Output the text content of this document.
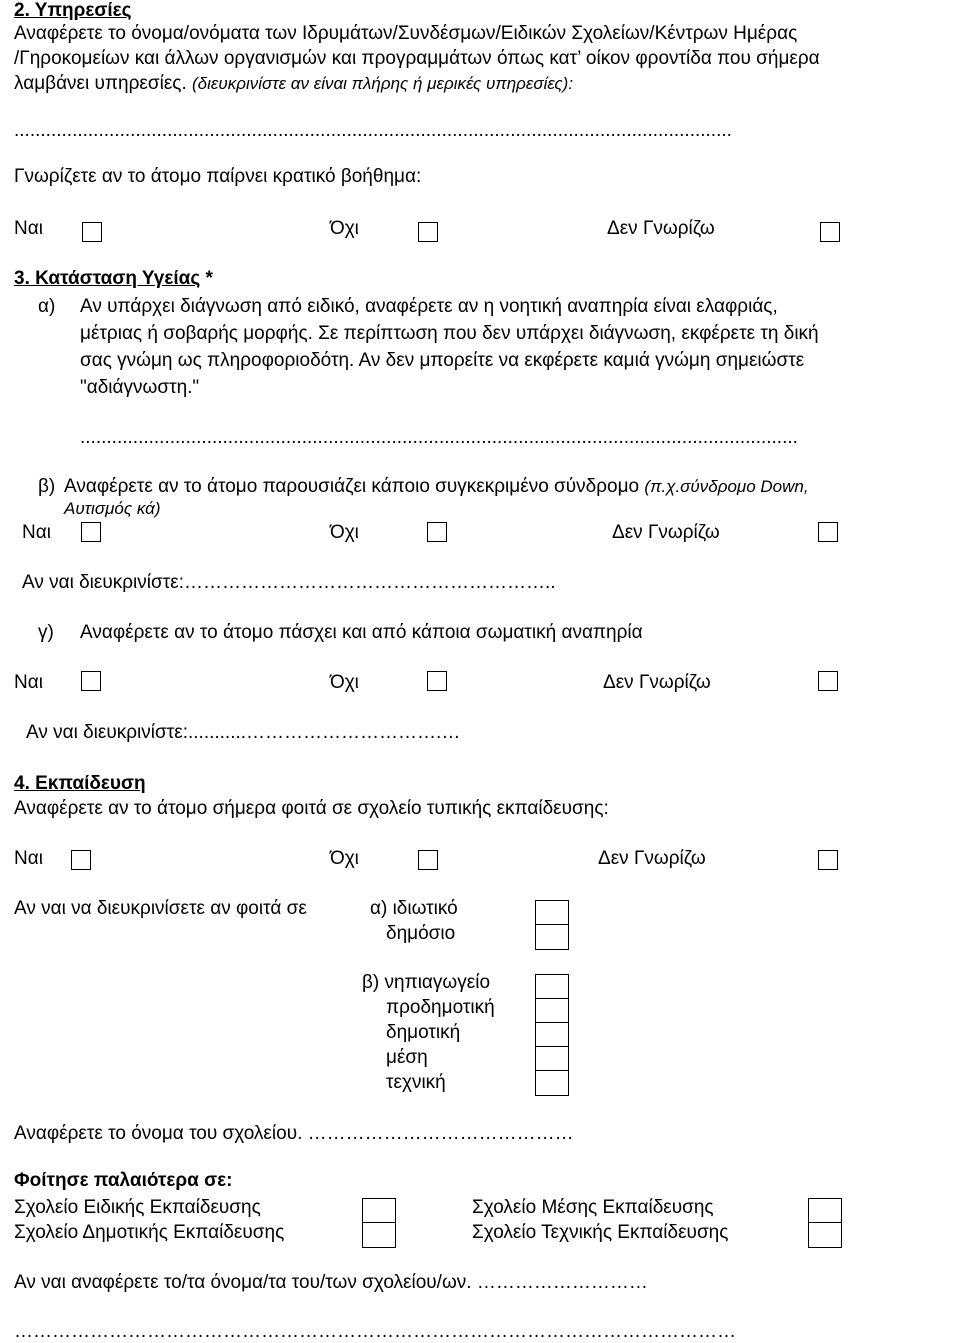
2. Υπηρεσίες
Αναφέρετε το όνομα/ονόματα των Ιδρυμάτων/Συνδέσμων/Ειδικών Σχολείων/Κέντρων Ημέρας
/Γηροκομείων και άλλων οργανισμών και προγραμμάτων όπως κατ’ οίκον φροντίδα που σήμερα
λαμβάνει υπηρεσίες. (διευκρινίστε αν είναι πλήρης ή μερικές υπηρεσίες):
........................................................................................................................................
Γνωρίζετε αν το άτομο παίρνει κρατικό βοήθημα:
Ναι	Όχι	Δεν Γνωρίζω
3. Κατάσταση Υγείας *
α) Αν υπάρχει διάγνωση από ειδικό, αναφέρετε αν η νοητική αναπηρία είναι ελαφριάς,
μέτριας ή σοβαρής μορφής. Σε περίπτωση που δεν υπάρχει διάγνωση, εκφέρετε τη δική
σας γνώμη ως πληροφοριοδότη. Αν δεν μπορείτε να εκφέρετε καμιά γνώμη σημειώστε
"αδιάγνωστη."
........................................................................................................................................
β) Αναφέρετε αν το άτομο παρουσιάζει κάποιο συγκεκριμένο σύνδρομο (π.χ.σύνδρομο Down,
Αυτισμός κά)
Ναι	Όχι	Δεν Γνωρίζω
Αν ναι διευκρινίστε:…………………………………………………..
γ) Αναφέρετε αν το άτομο πάσχει και από κάποια σωματική αναπηρία
Ναι	Όχι	Δεν Γνωρίζω
Αν ναι διευκρινίστε:...........………………………….…
4. Εκπαίδευση
Αναφέρετε αν το άτομο σήμερα φοιτά σε σχολείο τυπικής εκπαίδευσης:
Ναι	Όχι	Δεν Γνωρίζω
Αν ναι να διευκρινίσετε αν φοιτά σε	α) ιδιωτικό
δημόσιο
β) νηπιαγωγείο
προδημοτική
δημοτική
μέση
τεχνική
Αναφέρετε το όνομα του σχολείου. ……………………………………
Φοίτησε παλαιότερα σε:
Σχολείο Ειδικής Εκπαίδευσης
Σχολείο Δημοτικής Εκπαίδευσης
Σχολείο Μέσης Εκπαίδευσης
Σχολείο Τεχνικής Εκπαίδευσης
Αν ναι αναφέρετε το/τα όνομα/τα του/των σχολείου/ων. ………………………
……………………………………………………………………………………………………
